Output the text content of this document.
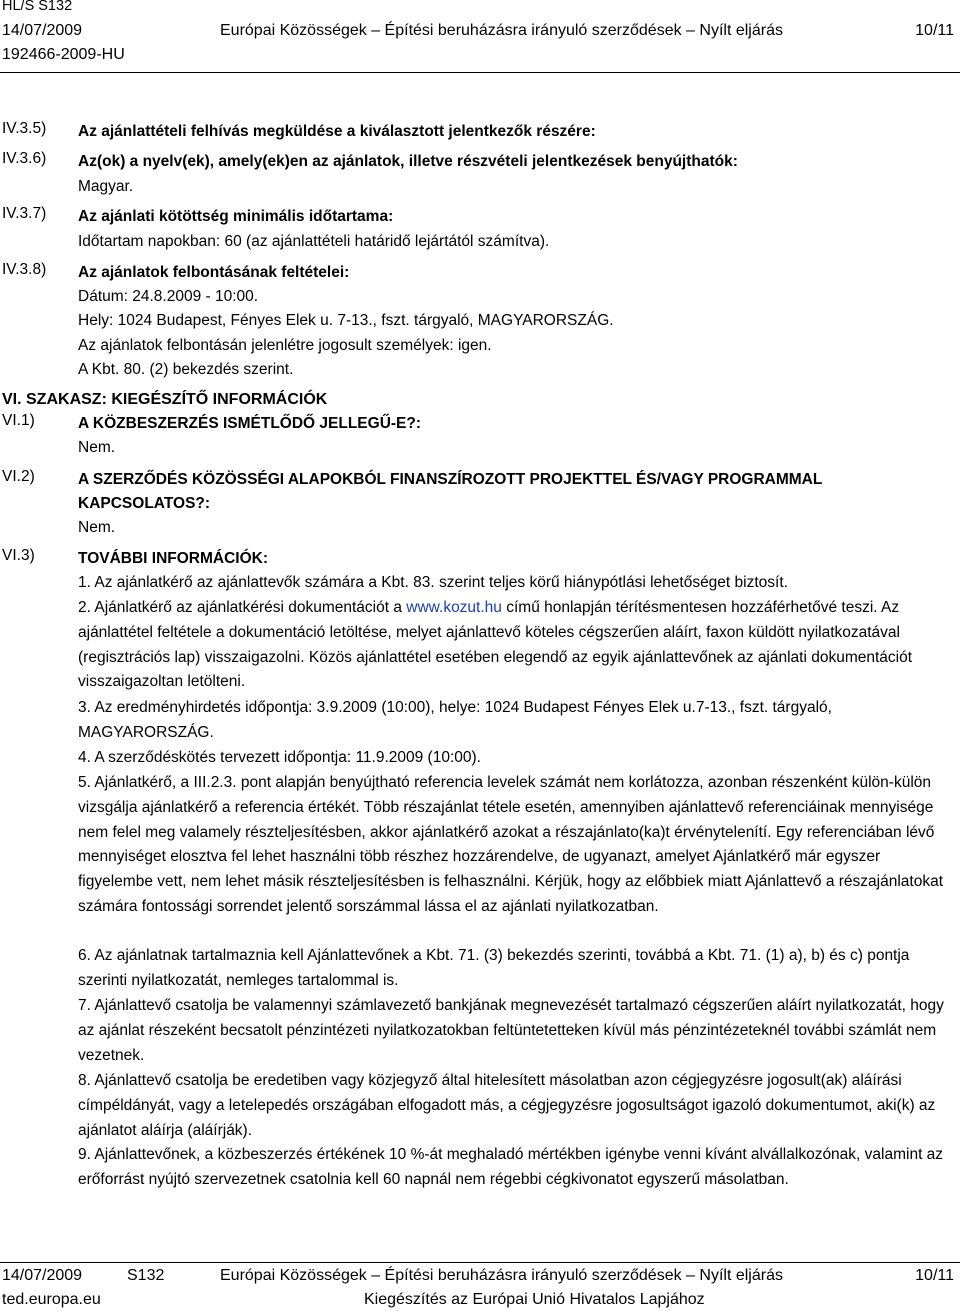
HL/S S132
14/07/2009	Európai Közösségek – Építési beruházásra irányuló szerződések – Nyílt eljárás	10/11
192466-2009-HU
IV.3.5) Az ajánlattételi felhívás megküldése a kiválasztott jelentkezők részére:
IV.3.6) Az(ok) a nyelv(ek), amely(ek)en az ajánlatok, illetve részvételi jelentkezések benyújthatók:
Magyar.
IV.3.7) Az ajánlati kötöttség minimális időtartama:
Időtartam napokban: 60 (az ajánlattételi határidő lejártától számítva).
IV.3.8) Az ajánlatok felbontásának feltételei:
Dátum: 24.8.2009 - 10:00.
Hely: 1024 Budapest, Fényes Elek u. 7-13., fszt. tárgyaló, MAGYARORSZÁG.
Az ajánlatok felbontásán jelenlétre jogosult személyek: igen.
A Kbt. 80. (2) bekezdés szerint.
VI. SZAKASZ: KIEGÉSZÍTŐ INFORMÁCIÓK
VI.1)	A KÖZBESZERZÉS ISMÉTLŐDŐ JELLEGŰ-E?:
Nem.
VI.2)	A SZERZŐDÉS KÖZÖSSÉGI ALAPOKBÓL FINANSZÍROZOTT PROJEKTTEL ÉS/VAGY PROGRAMMAL
KAPCSOLATOS?:
Nem.
VI.3)	TOVÁBBI INFORMÁCIÓK:
1. Az ajánlatkérő az ajánlattevők számára a Kbt. 83. szerint teljes körű hiánypótlási lehetőséget biztosít.
2. Ajánlatkérő az ajánlatkérési dokumentációt a www.kozut.hu című honlapján térítésmentesen hozzáférhetővé teszi. Az ajánlattétel feltétele a dokumentáció letöltése, melyet ajánlattevő köteles cégszerűen aláírt, faxon küldött nyilatkozatával (regisztrációs lap) visszaigazolni. Közös ajánlattétel esetében elegendő az egyik ajánlattevőnek az ajánlati dokumentációt visszaigazoltan letölteni.
3. Az eredményhirdetés időpontja: 3.9.2009 (10:00), helye: 1024 Budapest Fényes Elek u.7-13., fszt. tárgyaló, MAGYARORSZÁG.
4. A szerződéskötés tervezett időpontja: 11.9.2009 (10:00).
5. Ajánlatkérő, a III.2.3. pont alapján benyújtható referencia levelek számát nem korlátozza, azonban részenként külön-külön vizsgálja ajánlatkérő a referencia értékét. Több részajánlat tétele esetén, amennyiben ajánlattevő referenciáinak mennyisége nem felel meg valamely részteljesítésben, akkor ajánlatkérő azokat a részajánlato(ka)t érvénytelenítí. Egy referenciában lévő mennyiséget elosztva fel lehet használni több részhez hozzárendelve, de ugyanazt, amelyet Ajánlatkérő már egyszer figyelembe vett, nem lehet másik részteljesítésben is felhasználni. Kérjük, hogy az előbbiek miatt Ajánlattevő a részajánlatokat számára fontossági sorrendet jelentő sorszámmal lássa el az ajánlati nyilatkozatban.
6. Az ajánlatnak tartalmaznia kell Ajánlattevőnek a Kbt. 71. (3) bekezdés szerinti, továbbá a Kbt. 71. (1) a), b) és c) pontja szerinti nyilatkozatát, nemleges tartalommal is.
7. Ajánlattevő csatolja be valamennyi számlavezető bankjának megnevezését tartalmazó cégszerűen aláírt nyilatkozatát, hogy az ajánlat részeként becsatolt pénzintézeti nyilatkozatokban feltüntetetteken kívül más pénzintézeteknél további számlát nem vezetnek.
8. Ajánlattevő csatolja be eredetiben vagy közjegyző által hitelesített másolatban azon cégjegyzésre jogosult(ak) aláírási címpéldányát, vagy a letelepedés országában elfogadott más, a cégjegyzésre jogosultságot igazoló dokumentumot, aki(k) az ajánlatot aláírja (aláírják).
9. Ajánlattevőnek, a közbeszerzés értékének 10 %-át meghaladó mértékben igénybe venni kívánt alvállalkozónak, valamint az erőforrást nyújtó szervezetnek csatolnia kell 60 napnál nem régebbi cégkivonatot egyszerű másolatban.
14/07/2009	S132	Európai Közösségek – Építési beruházásra irányuló szerződések – Nyílt eljárás	10/11
ted.europa.eu	Kiegészítés az Európai Unió Hivatalos Lapjához
